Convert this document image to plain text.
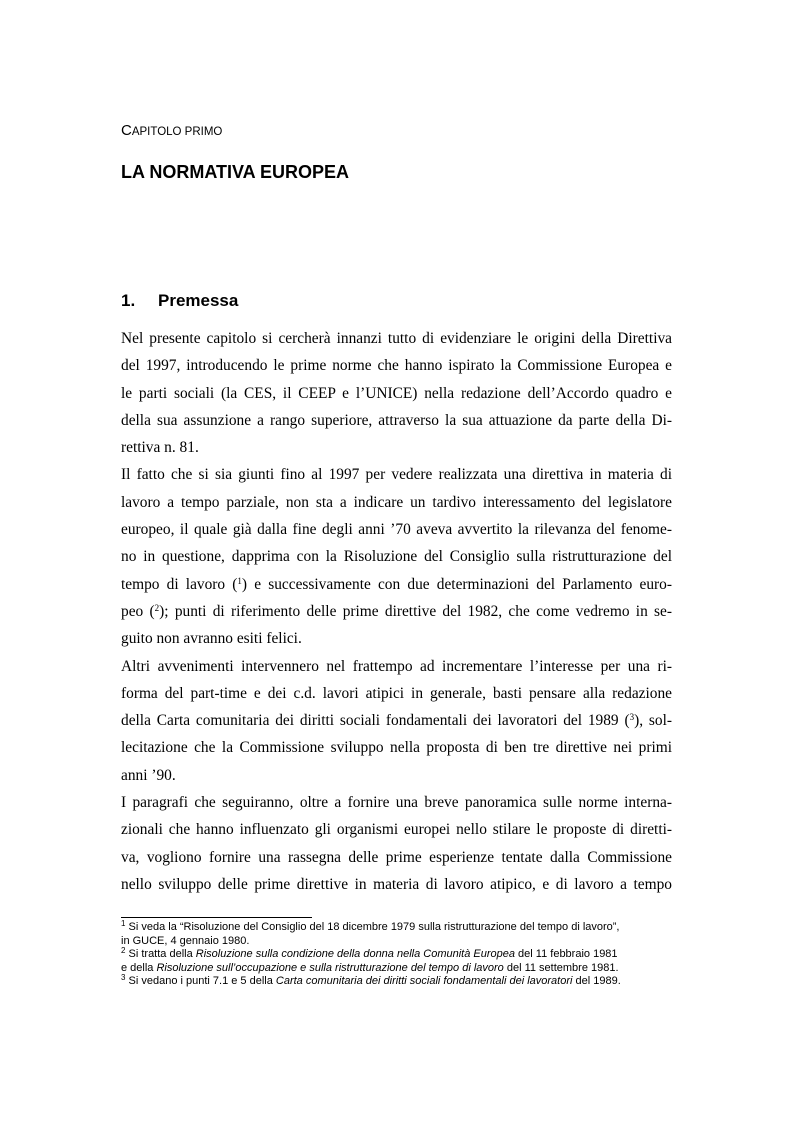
CAPITOLO PRIMO
LA NORMATIVA EUROPEA
1. Premessa
Nel presente capitolo si cercherà innanzi tutto di evidenziare le origini della Direttiva
del 1997, introducendo le prime norme che hanno ispirato la Commissione Europea e
le parti sociali (la CES, il CEEP e l’UNICE) nella redazione dell’Accordo quadro e
della sua assunzione a rango superiore, attraverso la sua attuazione da parte della Di-
rettiva n. 81.
Il fatto che si sia giunti fino al 1997 per vedere realizzata una direttiva in materia di
lavoro a tempo parziale, non sta a indicare un tardivo interessamento del legislatore
europeo, il quale già dalla fine degli anni ’70 aveva avvertito la rilevanza del fenome-
no in questione, dapprima con la Risoluzione del Consiglio sulla ristrutturazione del
tempo di lavoro ($^1$) e successivamente con due determinazioni del Parlamento euro-
peo ($^2$); punti di riferimento delle prime direttive del 1982, che come vedremo in se-
guito non avranno esiti felici.
Altri avvenimenti intervennero nel frattempo ad incrementare l’interesse per una ri-
forma del part-time e dei c.d. lavori atipici in generale, basti pensare alla redazione
della Carta comunitaria dei diritti sociali fondamentali dei lavoratori del 1989 ($^3$), sol-
lecitazione che la Commissione sviluppo nella proposta di ben tre direttive nei primi
anni ’90.
I paragrafi che seguiranno, oltre a fornire una breve panoramica sulle norme interna-
zionali che hanno influenzato gli organismi europei nello stilare le proposte di diretti-
va, vogliono fornire una rassegna delle prime esperienze tentate dalla Commissione
nello sviluppo delle prime direttive in materia di lavoro atipico, e di lavoro a tempo
$^1$ Si veda la “Risoluzione del Consiglio del 18 dicembre 1979 sulla ristrutturazione del tempo di lavoro”,
in GUCE, 4 gennaio 1980.
$^2$ Si tratta della Risoluzione sulla condizione della donna nella Comunità Europea del 11 febbraio 1981
e della Risoluzione sull’occupazione e sulla ristrutturazione del tempo di lavoro del 11 settembre 1981.
$^3$ Si vedano i punti 7.1 e 5 della Carta comunitaria dei diritti sociali fondamentali dei lavoratori del 1989.
